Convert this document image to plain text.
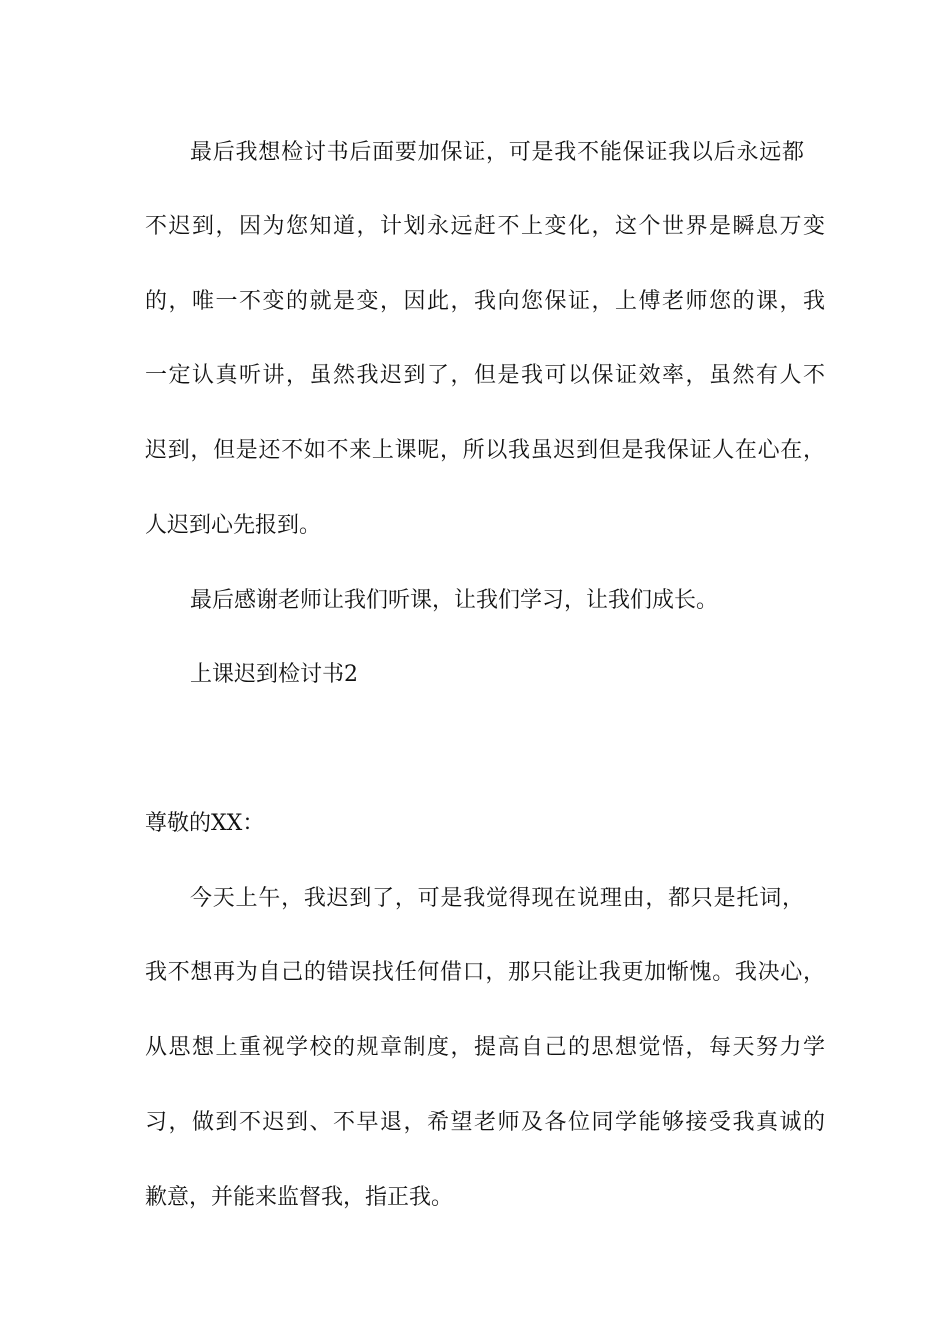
最后我想检讨书后面要加保证，可是我不能保证我以后永远都
不迟到，因为您知道，计划永远赶不上变化，这个世界是瞬息万变
的，唯一不变的就是变，因此，我向您保证，上傅老师您的课，我
一定认真听讲，虽然我迟到了，但是我可以保证效率，虽然有人不
迟到，但是还不如不来上课呢，所以我虽迟到但是我保证人在心在，
人迟到心先报到。
最后感谢老师让我们听课，让我们学习，让我们成长。
上课迟到检讨书2
尊敬的XX：
今天上午，我迟到了，可是我觉得现在说理由，都只是托词，
我不想再为自己的错误找任何借口，那只能让我更加惭愧。我决心，
从思想上重视学校的规章制度，提高自己的思想觉悟，每天努力学
习，做到不迟到、不早退，希望老师及各位同学能够接受我真诚的
歉意，并能来监督我，指正我。
